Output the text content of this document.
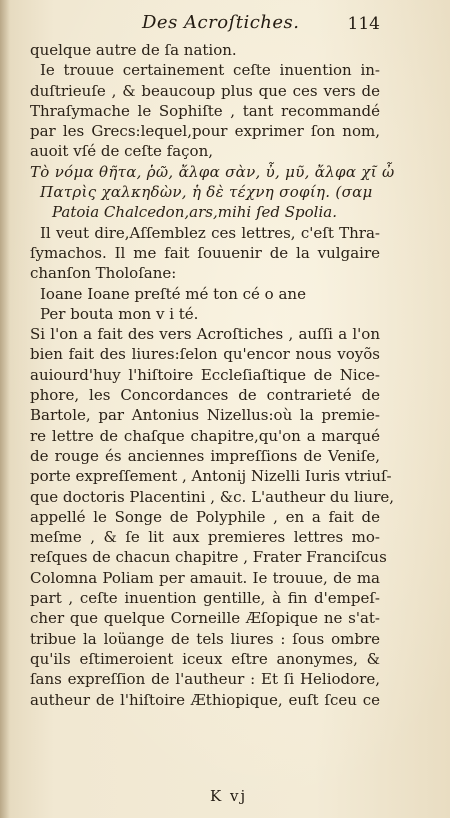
Des Acroſtiches.	114
quelque autre de ſa nation.
Ie trouue certainement ceſte inuention in-
duſtrieuſe , & beaucoup plus que ces vers de
Thraſymache le Sophiſte , tant recommandé
par les Grecs:lequel,pour exprimer ſon nom,
auoit vſé de ceſte façon,
Τὸ νόμα θῆτα, ῥῶ, ἄλφα σὰν, ὖ, μῦ, ἄλφα χῖ ὦ
Πατρὶς χαλκηδὼν, ἡ δὲ τέχνη σοφίη. (σαμ
Patoia Chalcedon,ars,mihi ſed Spolia.
Il veut dire,Aſſemblez ces lettres, c'eſt Thra-
ſymachos. Il me fait ſouuenir de la vulgaire
chanſon Tholoſane:
Ioane Ioane preſté mé ton cé o ane
Per bouta mon v i té.
Si l'on a fait des vers Acroſtiches , auſſi a l'on
bien fait des liures:ſelon qu'encor nous voyõs
auiourd'huy l'hiſtoire Eccleſiaſtique de Nice-
phore, les Concordances de contrarieté de
Bartole, par Antonius Nizellus:où la premie-
re lettre de chaſque chapitre,qu'on a marqué
de rouge és anciennes impreſſions de Veniſe,
porte expreſſement , Antonij Nizelli Iuris vtriuſ-
que doctoris Placentini , &c. L'autheur du liure,
appellé le Songe de Polyphile , en a fait de
meſme , & ſe lit aux premieres lettres mo-
reſques de chacun chapitre , Frater Franciſcus
Colomna Poliam per amauit. Ie trouue, de ma
part , ceſte inuention gentille, à fin d'empeſ-
cher que quelque Corneille Æſopique ne s'at-
tribue la loüange de tels liures : ſous ombre
qu'ils eſtimeroient iceux eſtre anonymes, &
ſans expreſſion de l'autheur : Et ſi Heliodore,
autheur de l'hiſtoire Æthiopique, euſt ſceu ce
K vj
